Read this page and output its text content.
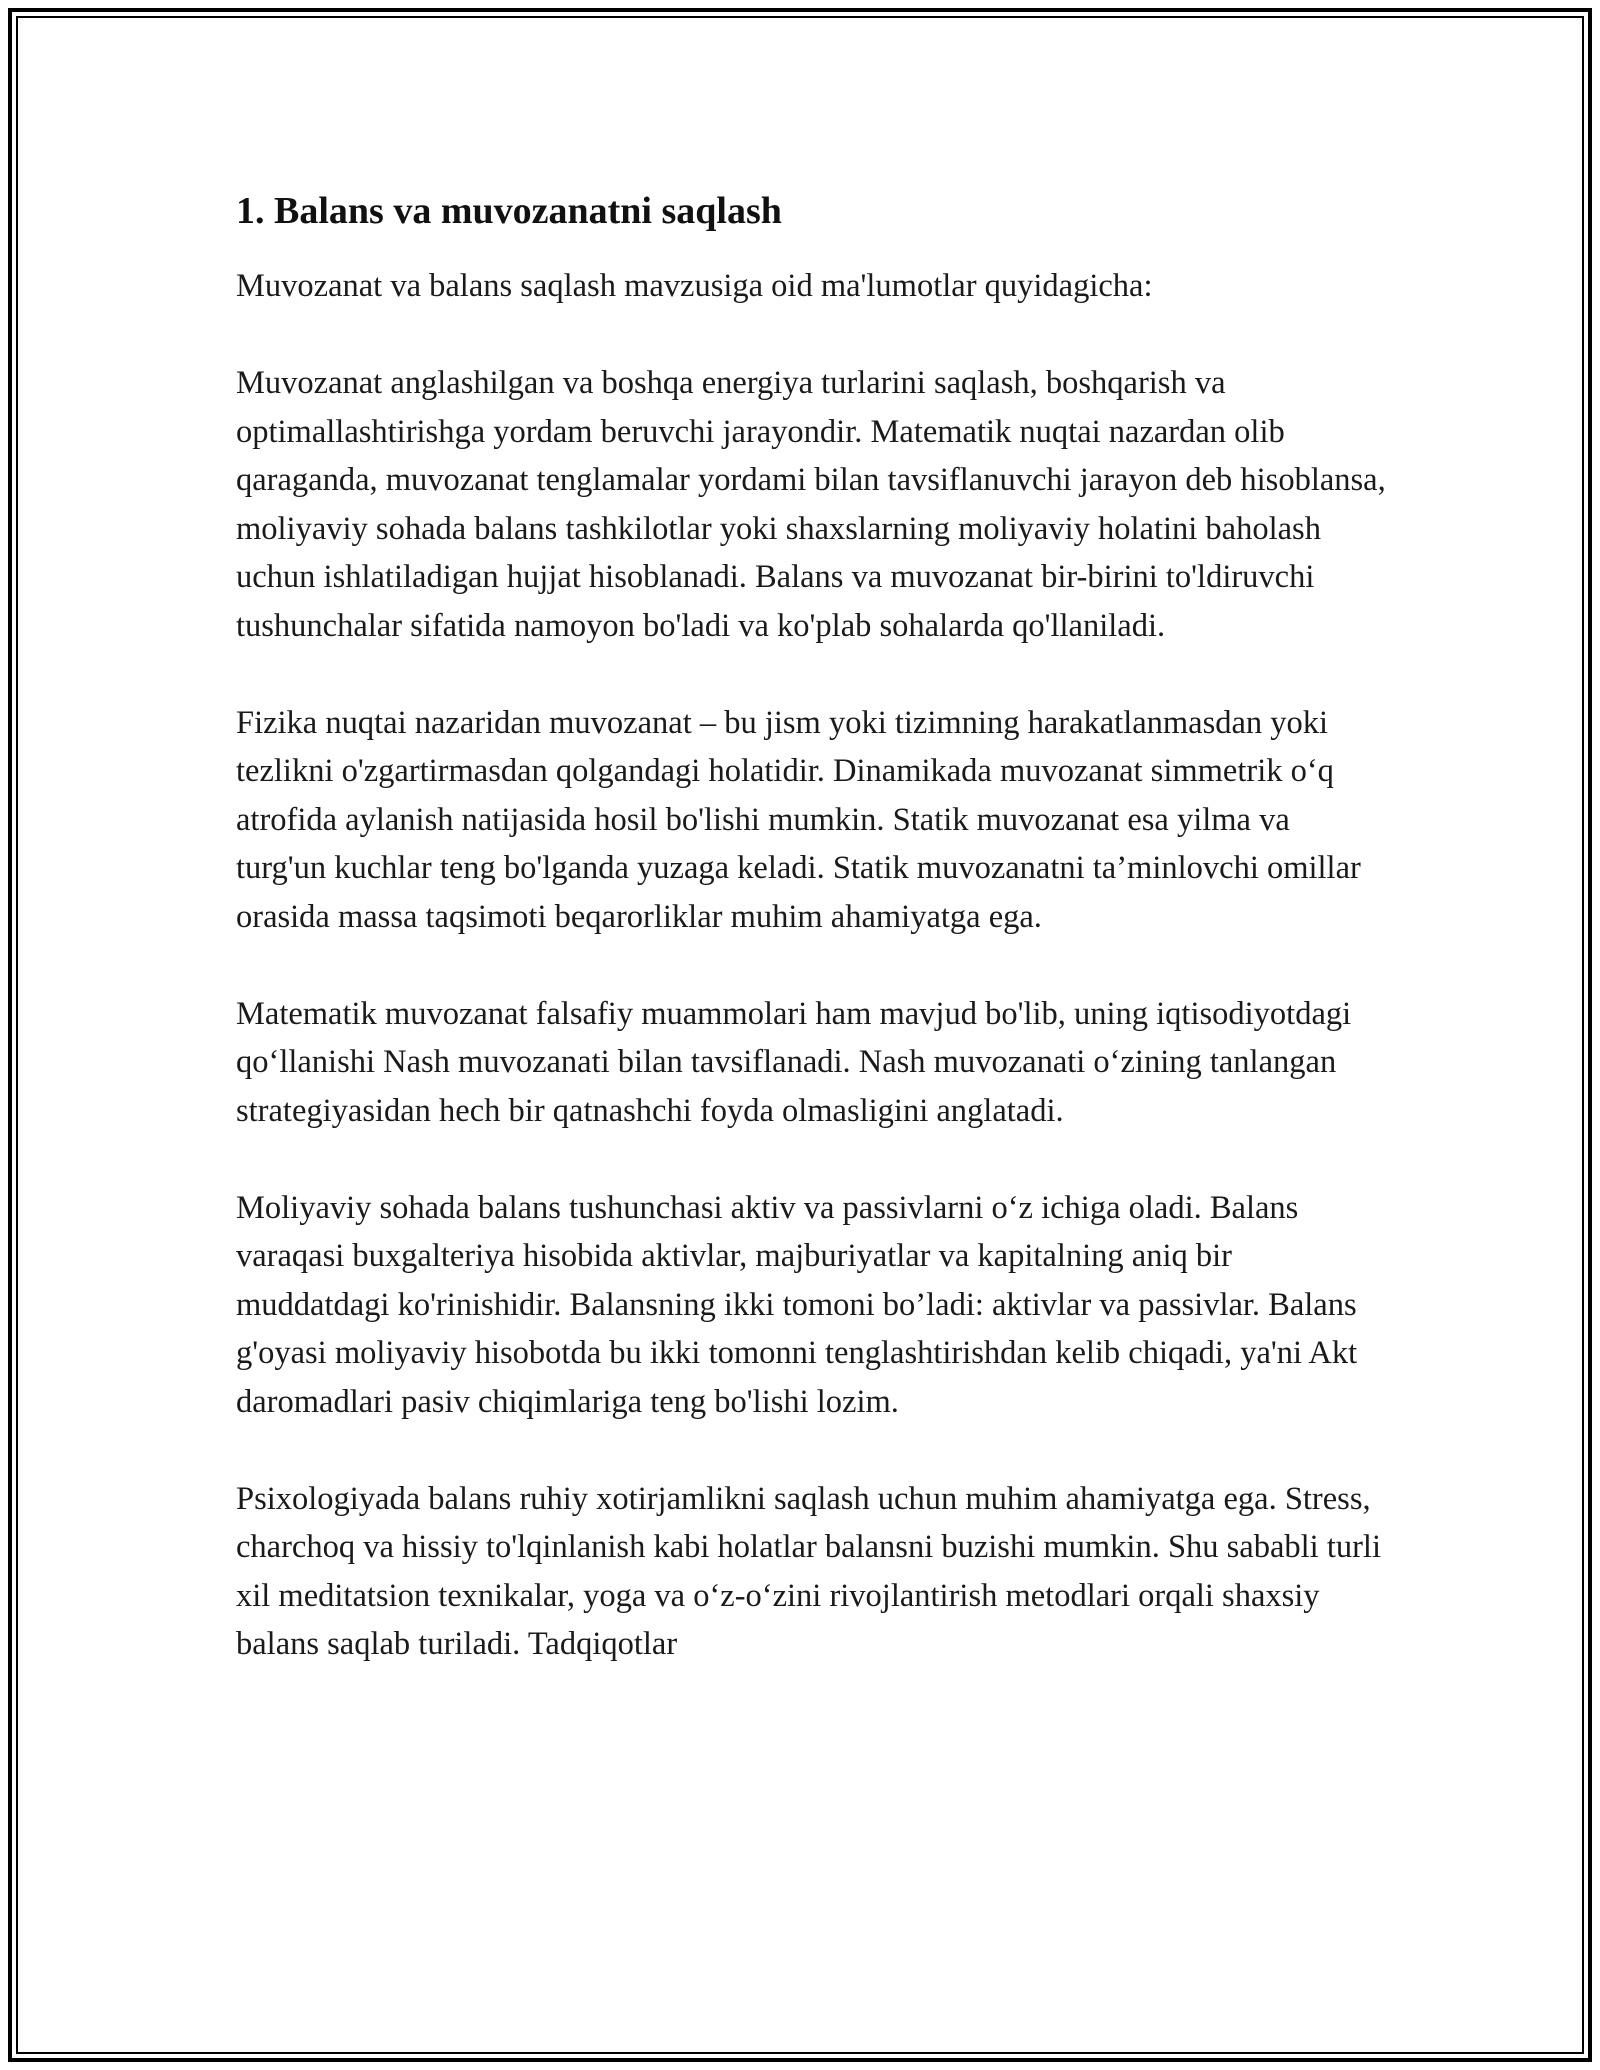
1. Balans va muvozanatni saqlash

Muvozanat va balans saqlash mavzusiga oid ma'lumotlar quyidagicha:

Muvozanat anglashilgan va boshqa energiya turlarini saqlash, boshqarish va optimallashtirishga yordam beruvchi jarayondir. Matematik nuqtai nazardan olib qaraganda, muvozanat tenglamalar yordami bilan tavsiflanuvchi jarayon deb hisoblansa, moliyaviy sohada balans tashkilotlar yoki shaxslarning moliyaviy holatini baholash uchun ishlatiladigan hujjat hisoblanadi. Balans va muvozanat bir-birini to'ldiruvchi tushunchalar sifatida namoyon bo'ladi va ko'plab sohalarda qo'llaniladi.

Fizika nuqtai nazaridan muvozanat – bu jism yoki tizimning harakatlanmasdan yoki tezlikni o'zgartirmasdan qolgandagi holatidir. Dinamikada muvozanat simmetrik o‘q atrofida aylanish natijasida hosil bo'lishi mumkin. Statik muvozanat esa yilma va turg'un kuchlar teng bo'lganda yuzaga keladi. Statik muvozanatni ta’minlovchi omillar orasida massa taqsimoti beqarorliklar muhim ahamiyatga ega.

Matematik muvozanat falsafiy muammolari ham mavjud bo'lib, uning iqtisodiyotdagi qo‘llanishi Nash muvozanati bilan tavsiflanadi. Nash muvozanati o‘zining tanlangan strategiyasidan hech bir qatnashchi foyda olmasligini anglatadi.

Moliyaviy sohada balans tushunchasi aktiv va passivlarni o‘z ichiga oladi. Balans varaqasi buxgalteriya hisobida aktivlar, majburiyatlar va kapitalning aniq bir muddatdagi ko'rinishidir. Balansning ikki tomoni bo’ladi: aktivlar va passivlar. Balans g'oyasi moliyaviy hisobotda bu ikki tomonni tenglashtirishdan kelib chiqadi, ya'ni Akt daromadlari pasiv chiqimlariga teng bo'lishi lozim.

Psixologiyada balans ruhiy xotirjamlikni saqlash uchun muhim ahamiyatga ega. Stress, charchoq va hissiy to'lqinlanish kabi holatlar balansni buzishi mumkin. Shu sababli turli xil meditatsion texnikalar, yoga va o‘z-o‘zini rivojlantirish metodlari orqali shaxsiy balans saqlab turiladi. Tadqiqotlar
